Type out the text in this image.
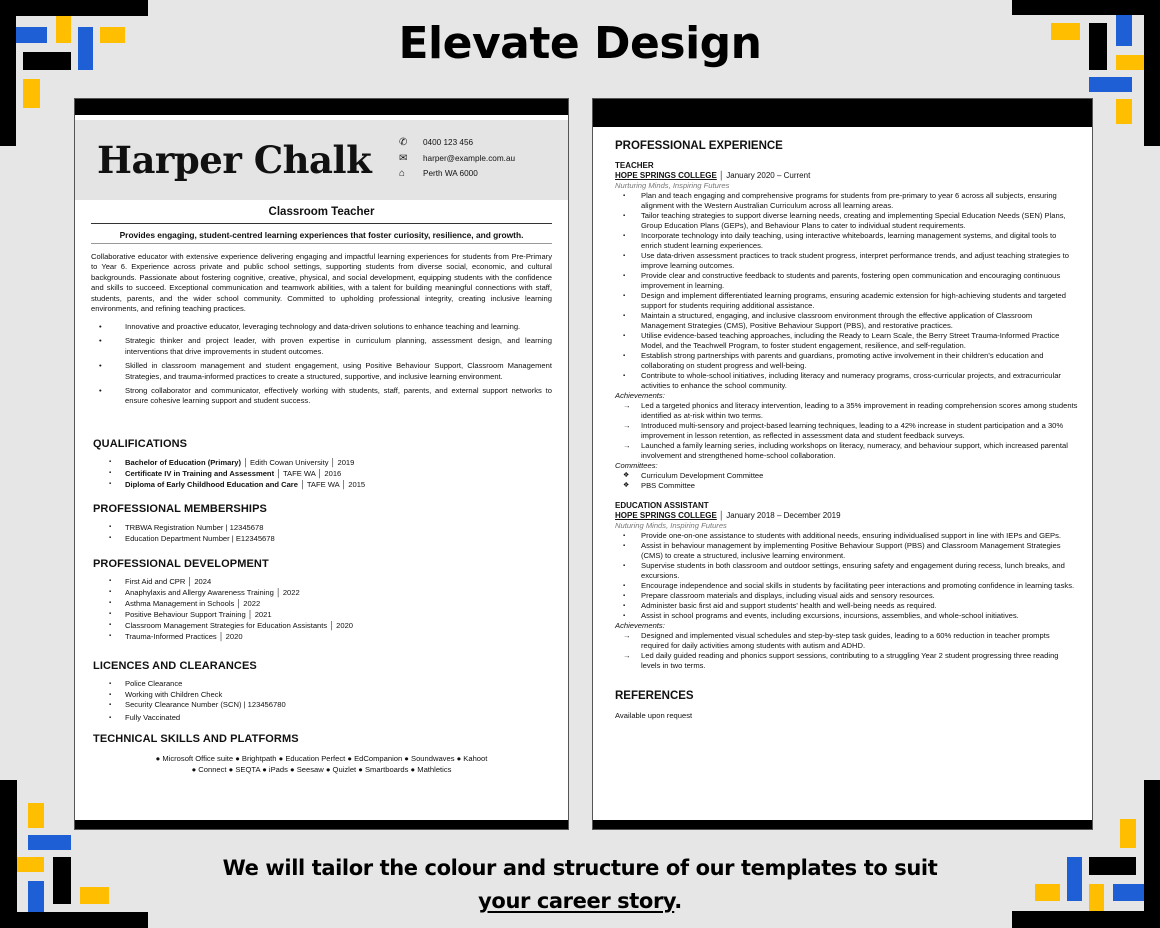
Elevate Design
Harper Chalk	✆	0400 123 456
✉	harper@example.com.au
⌂	Perth WA 6000
Classroom Teacher
Provides engaging, student-centred learning experiences that foster curiosity, resilience, and growth.
Collaborative educator with extensive experience delivering engaging and impactful learning experiences for students from Pre-Primary to Year 6. Experience across private and public school settings, supporting students from diverse social, economic, and cultural backgrounds. Passionate about fostering cognitive, creative, physical, and social development, equipping students with the confidence and skills to succeed. Exceptional communication and teamwork abilities, with a talent for building meaningful connections with staff, students, parents, and the wider school community. Committed to upholding professional integrity, creating inclusive learning environments, and refining teaching practices.
• Innovative and proactive educator, leveraging technology and data-driven solutions to enhance teaching and learning.
• Strategic thinker and project leader, with proven expertise in curriculum planning, assessment design, and learning interventions that drive improvements in student outcomes.
• Skilled in classroom management and student engagement, using Positive Behaviour Support, Classroom Management Strategies, and trauma-informed practices to create a structured, supportive, and inclusive learning environment.
• Strong collaborator and communicator, effectively working with students, staff, parents, and external support networks to ensure cohesive learning support and student success.
QUALIFICATIONS
▪ Bachelor of Education (Primary) │ Edith Cowan University │ 2019
▪ Certificate IV in Training and Assessment │ TAFE WA │ 2016
▪ Diploma of Early Childhood Education and Care │ TAFE WA │ 2015
PROFESSIONAL MEMBERSHIPS
▪ TRBWA Registration Number | 12345678
▪ Education Department Number | E12345678
PROFESSIONAL DEVELOPMENT
▪ First Aid and CPR │ 2024
▪ Anaphylaxis and Allergy Awareness Training │ 2022
▪ Asthma Management in Schools │ 2022
▪ Positive Behaviour Support Training │ 2021
▪ Classroom Management Strategies for Education Assistants │ 2020
▪ Trauma-Informed Practices │ 2020
LICENCES AND CLEARANCES
▪ Police Clearance
▪ Working with Children Check
▪ Security Clearance Number (SCN) | 123456780
▪ Fully Vaccinated
TECHNICAL SKILLS AND PLATFORMS
● Microsoft Office suite ● Brightpath ● Education Perfect ● EdCompanion ● Soundwaves ● Kahoot
● Connect ● SEQTA ● iPads ● Seesaw ● Quizlet ● Smartboards ● Mathletics
PROFESSIONAL EXPERIENCE
TEACHER
HOPE SPRINGS COLLEGE │ January 2020 – Current
Nurturing Minds, Inspiring Futures
▪ Plan and teach engaging and comprehensive programs for students from pre-primary to year 6 across all subjects, ensuring alignment with the Western Australian Curriculum across all learning areas.
▪ Tailor teaching strategies to support diverse learning needs, creating and implementing Special Education Needs (SEN) Plans, Group Education Plans (GEPs), and Behaviour Plans to cater to individual student requirements.
▪ Incorporate technology into daily teaching, using interactive whiteboards, learning management systems, and digital tools to enrich student learning experiences.
▪ Use data-driven assessment practices to track student progress, interpret performance trends, and adjust teaching strategies to improve learning outcomes.
▪ Provide clear and constructive feedback to students and parents, fostering open communication and encouraging continuous improvement in learning.
▪ Design and implement differentiated learning programs, ensuring academic extension for high-achieving students and targeted support for students requiring additional assistance.
▪ Maintain a structured, engaging, and inclusive classroom environment through the effective application of Classroom Management Strategies (CMS), Positive Behaviour Support (PBS), and restorative practices.
▪ Utilise evidence-based teaching approaches, including the Ready to Learn Scale, the Berry Street Trauma-Informed Practice Model, and the Teachwell Program, to foster student engagement, resilience, and self-regulation.
▪ Establish strong partnerships with parents and guardians, promoting active involvement in their children's education and collaborating on student progress and well-being.
▪ Contribute to whole-school initiatives, including literacy and numeracy programs, cross-curricular projects, and extracurricular activities to enhance the school community.
Achievements:
→ Led a targeted phonics and literacy intervention, leading to a 35% improvement in reading comprehension scores among students identified as at-risk within two terms.
→ Introduced multi-sensory and project-based learning techniques, leading to a 42% increase in student participation and a 30% improvement in lesson retention, as reflected in assessment data and student feedback surveys.
→ Launched a family learning series, including workshops on literacy, numeracy, and behaviour support, which increased parental involvement and strengthened home-school collaboration.
Committees:
❖ Curriculum Development Committee
❖ PBS Committee
EDUCATION ASSISTANT
HOPE SPRINGS COLLEGE │ January 2018 – December 2019
Nuturing Minds, Inspiring Futures
▪ Provide one-on-one assistance to students with additional needs, ensuring individualised support in line with IEPs and GEPs.
▪ Assist in behaviour management by implementing Positive Behaviour Support (PBS) and Classroom Management Strategies (CMS) to create a structured, inclusive learning environment.
▪ Supervise students in both classroom and outdoor settings, ensuring safety and engagement during recess, lunch breaks, and excursions.
▪ Encourage independence and social skills in students by facilitating peer interactions and promoting confidence in learning tasks.
▪ Prepare classroom materials and displays, including visual aids and sensory resources.
▪ Administer basic first aid and support students' health and well-being needs as required.
▪ Assist in school programs and events, including excursions, incursions, assemblies, and whole-school initiatives.
Achievements:
→ Designed and implemented visual schedules and step-by-step task guides, leading to a 60% reduction in teacher prompts required for daily activities among students with autism and ADHD.
→ Led daily guided reading and phonics support sessions, contributing to a struggling Year 2 student progressing three reading levels in two terms.
REFERENCES
Available upon request
We will tailor the colour and structure of our templates to suit
your career story.
